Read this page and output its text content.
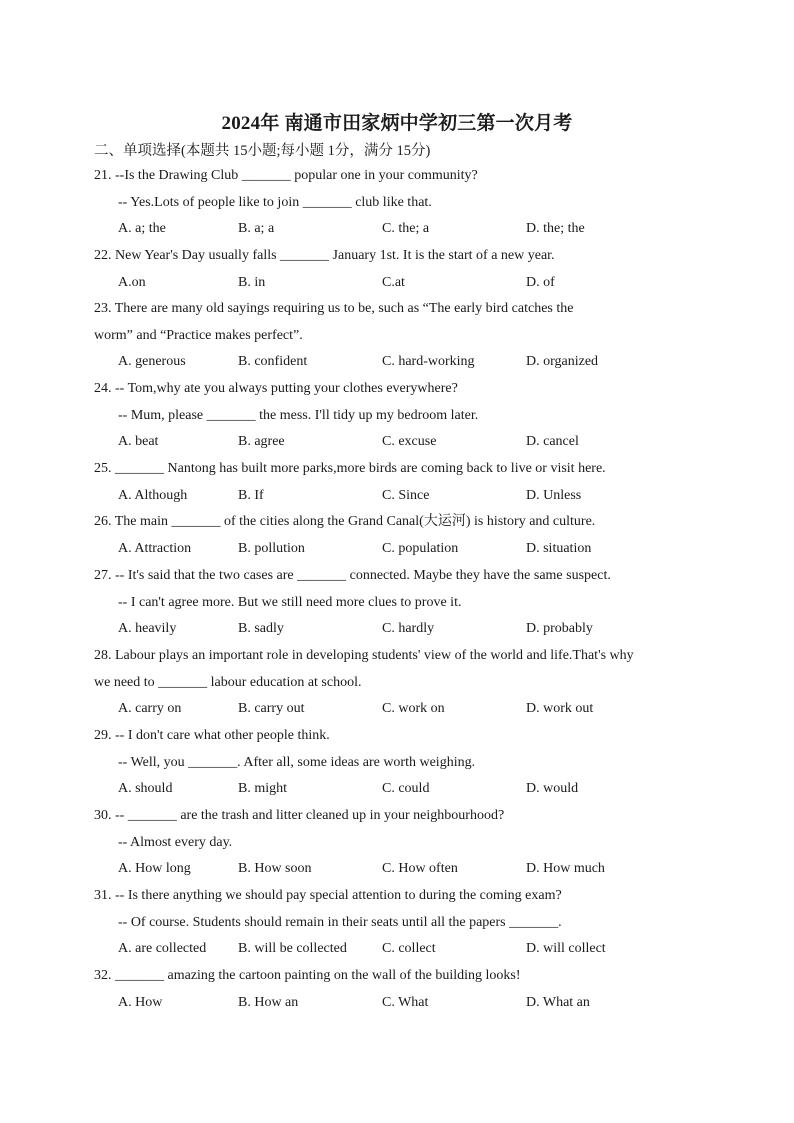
2024年 南通市田家炳中学初三第一次月考
二、单项选择(本题共 15小题;每小题 1分，满分 15分)
21. --Is the Drawing Club _______ popular one in your community?
-- Yes.Lots of people like to join _______ club like that.
A. a; the	B. a; a	C. the; a	D. the; the
22. New Year's Day usually falls _______ January 1st. It is the start of a new year.
A.on	B. in	C.at	D. of
23. There are many old sayings requiring us to be, such as “The early bird catches the
worm” and “Practice makes perfect”.
A. generous	B. confident	C. hard-working	D. organized
24. -- Tom,why ate you always putting your clothes everywhere?
-- Mum, please _______ the mess. I'll tidy up my bedroom later.
A. beat	B. agree	C. excuse	D. cancel
25. _______ Nantong has built more parks,more birds are coming back to live or visit here.
A. Although	B. If	C. Since	D. Unless
26. The main _______ of the cities along the Grand Canal(大运河) is history and culture.
A. Attraction	B. pollution	C. population	D. situation
27. -- It's said that the two cases are _______ connected. Maybe they have the same suspect.
-- I can't agree more. But we still need more clues to prove it.
A. heavily	B. sadly	C. hardly	D. probably
28. Labour plays an important role in developing students' view of the world and life.That's why
we need to _______ labour education at school.
A. carry on	B. carry out	C. work on	D. work out
29. -- I don't care what other people think.
-- Well, you _______. After all, some ideas are worth weighing.
A. should	B. might	C. could	D. would
30. -- _______ are the trash and litter cleaned up in your neighbourhood?
-- Almost every day.
A. How long	B. How soon	C. How often	D. How much
31. -- Is there anything we should pay special attention to during the coming exam?
-- Of course. Students should remain in their seats until all the papers _______.
A. are collected B. will be collected	C. collect	D. will collect
32. _______ amazing the cartoon painting on the wall of the building looks!
A. How	B. How an	C. What	D. What an
